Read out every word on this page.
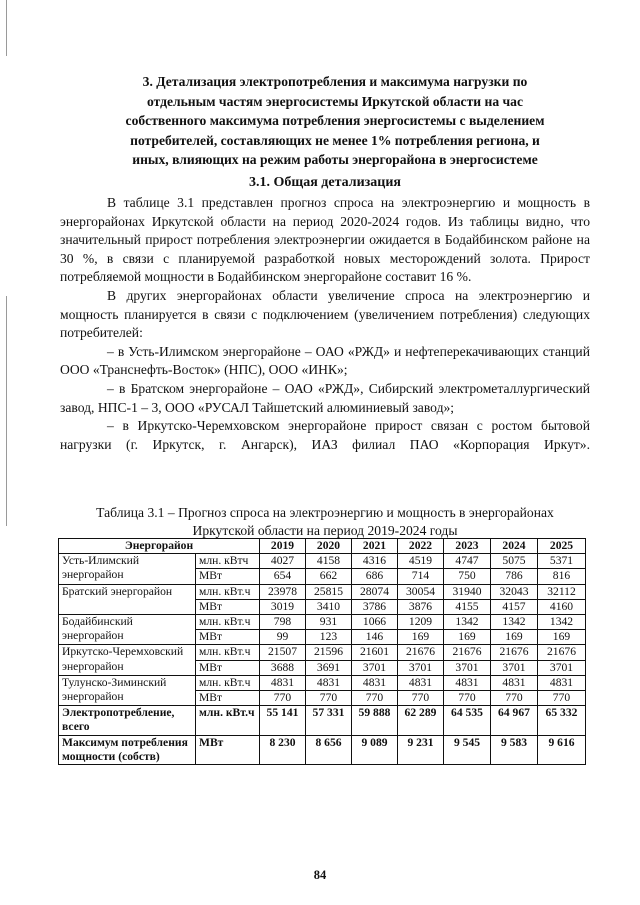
3. Детализация электропотребления и максимума нагрузки по
отдельным частям энергосистемы Иркутской области на час
собственного максимума потребления энергосистемы с выделением
потребителей, составляющих не менее 1% потребления региона, и
иных, влияющих на режим работы энергорайона в энергосистеме
3.1. Общая детализация

В таблице 3.1 представлен прогноз спроса на электроэнергию и мощность в энергорайонах Иркутской области на период 2020-2024 годов. Из таблицы видно, что значительный прирост потребления электроэнергии ожидается в Бодайбинском районе на 30 %, в связи с планируемой разработкой новых месторождений золота. Прирост потребляемой мощности в Бодайбинском энергорайоне составит 16 %.

В других энергорайонах области увеличение спроса на электроэнергию и мощность планируется в связи с подключением (увеличением потребления) следующих потребителей:

– в Усть-Илимском энергорайоне – ОАО «РЖД» и нефтеперекачивающих станций ООО «Транснефть-Восток» (НПС), ООО «ИНК»;

– в Братском энергорайоне – ОАО «РЖД», Сибирский электрометаллургический завод, НПС-1 – 3, ООО «РУСАЛ Тайшетский алюминиевый завод»;

– в Иркутско-Черемховском энергорайоне прирост связан с ростом бытовой нагрузки (г. Иркутск, г. Ангарск), ИАЗ филиал ПАО «Корпорация Иркут».

Таблица 3.1 – Прогноз спроса на электроэнергию и мощность в энергорайонах
Иркутской области на период 2019-2024 годы
Энергорайон		2019	2020	2021	2022	2023	2024	2025
Усть-Илимский энергорайон	млн. кВтч	4027	4158	4316	4519	4747	5075	5371
	МВт	654	662	686	714	750	786	816
Братский энергорайон	млн. кВт.ч	23978	25815	28074	30054	31940	32043	32112
	МВт	3019	3410	3786	3876	4155	4157	4160
Бодайбинский энергорайон	млн. кВт.ч	798	931	1066	1209	1342	1342	1342
	МВт	99	123	146	169	169	169	169
Иркутско-Черемховский энергорайон	млн. кВт.ч	21507	21596	21601	21676	21676	21676	21676
	МВт	3688	3691	3701	3701	3701	3701	3701
Тулунско-Зиминский энергорайон	млн. кВт.ч	4831	4831	4831	4831	4831	4831	4831
	МВт	770	770	770	770	770	770	770
Электропотребление, всего	млн. кВт.ч	55 141	57 331	59 888	62 289	64 535	64 967	65 332
Максимум потребления мощности (собств)	МВт	8 230	8 656	9 089	9 231	9 545	9 583	9 616
84
